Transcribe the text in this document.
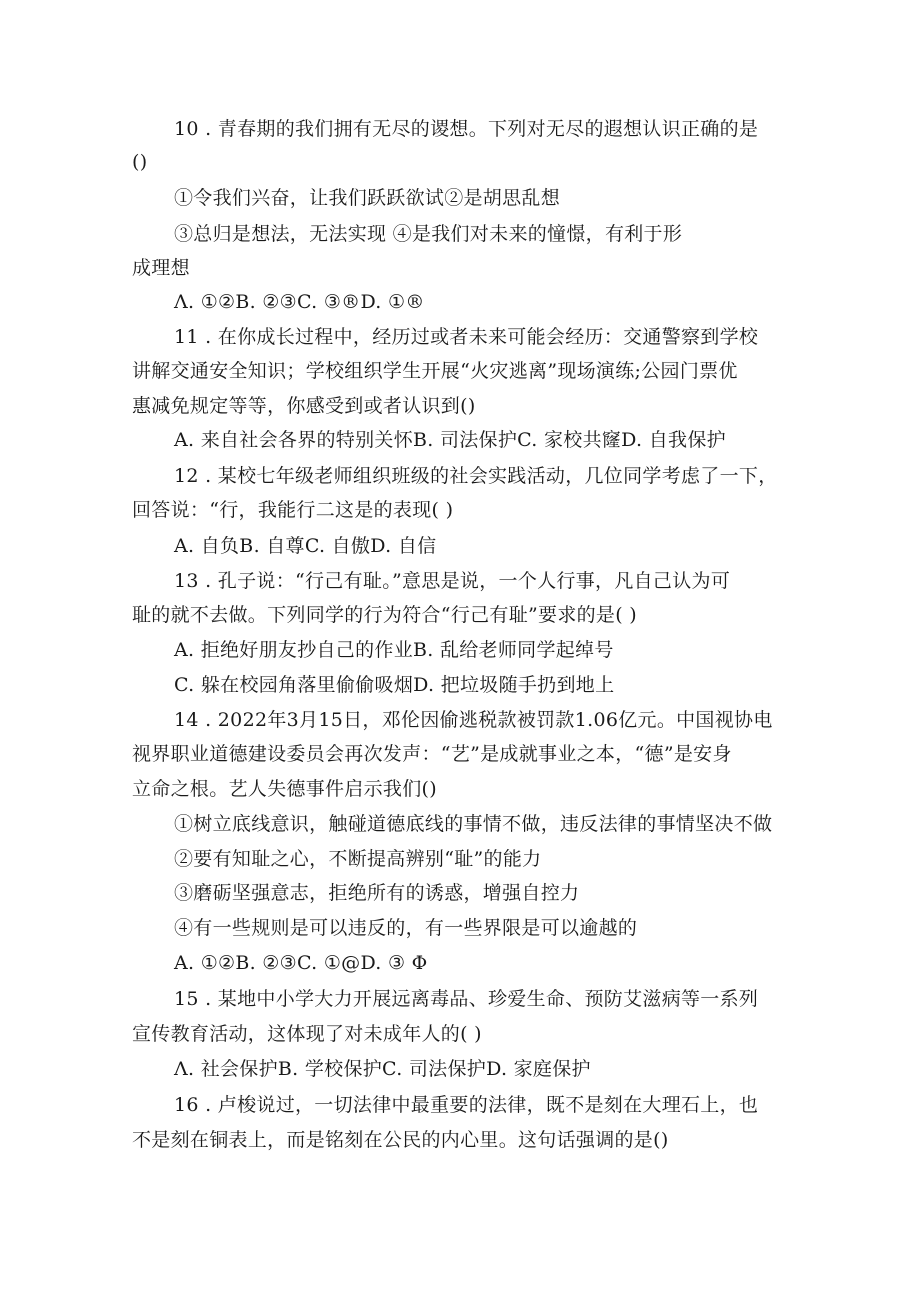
10 . 青春期的我们拥有无尽的谡想。下列对无尽的遐想认识正确的是
()
①令我们兴奋，让我们跃跃欲试②是胡思乱想
③总归是想法，无法实现 ④是我们对未来的憧憬，有利于形
成理想
Λ. ①②B. ②③C. ③®D. ①®
11 . 在你成长过程中，经历过或者未来可能会经历：交通警察到学校
讲解交通安全知识；学校组织学生开展“火灾逃离”现场演练;公园门票优
惠减免规定等等，你感受到或者认识到()
A. 来自社会各界的特别关怀B. 司法保护C. 家校共窿D. 自我保护
12 . 某校七年级老师组织班级的社会实践活动，几位同学考虑了一下，
回答说：“行，我能行二这是的表现( )
A. 自负B. 自尊C. 自傲D. 自信
13 . 孔子说：“行己有耻。”意思是说，一个人行事，凡自己认为可
耻的就不去做。下列同学的行为符合“行己有耻”要求的是( )
A. 拒绝好朋友抄自己的作业B. 乱给老师同学起绰号
C. 躲在校园角落里偷偷吸烟D. 把垃圾随手扔到地上
14 . 2022年3月15日，邓伦因偷逃税款被罚款1.06亿元。中国视协电
视界职业道德建设委员会再次发声：“艺”是成就事业之本，“德”是安身
立命之根。艺人失德事件启示我们()
①树立底线意识，触碰道德底线的事情不做，违反法律的事情坚决不做
②要有知耻之心，不断提高辨别“耻”的能力
③磨砺坚强意志，拒绝所有的诱惑，增强自控力
④有一些规则是可以违反的，有一些界限是可以逾越的
A. ①②B. ②③C. ①@D. ③ Φ
15 . 某地中小学大力开展远离毒品、珍爱生命、预防艾滋病等一系列
宣传教育活动，这体现了对未成年人的( )
Λ. 社会保护B. 学校保护C. 司法保护D. 家庭保护
16 . 卢梭说过，一切法律中最重要的法律，既不是刻在大理石上，也
不是刻在铜表上，而是铭刻在公民的内心里。这句话强调的是()
